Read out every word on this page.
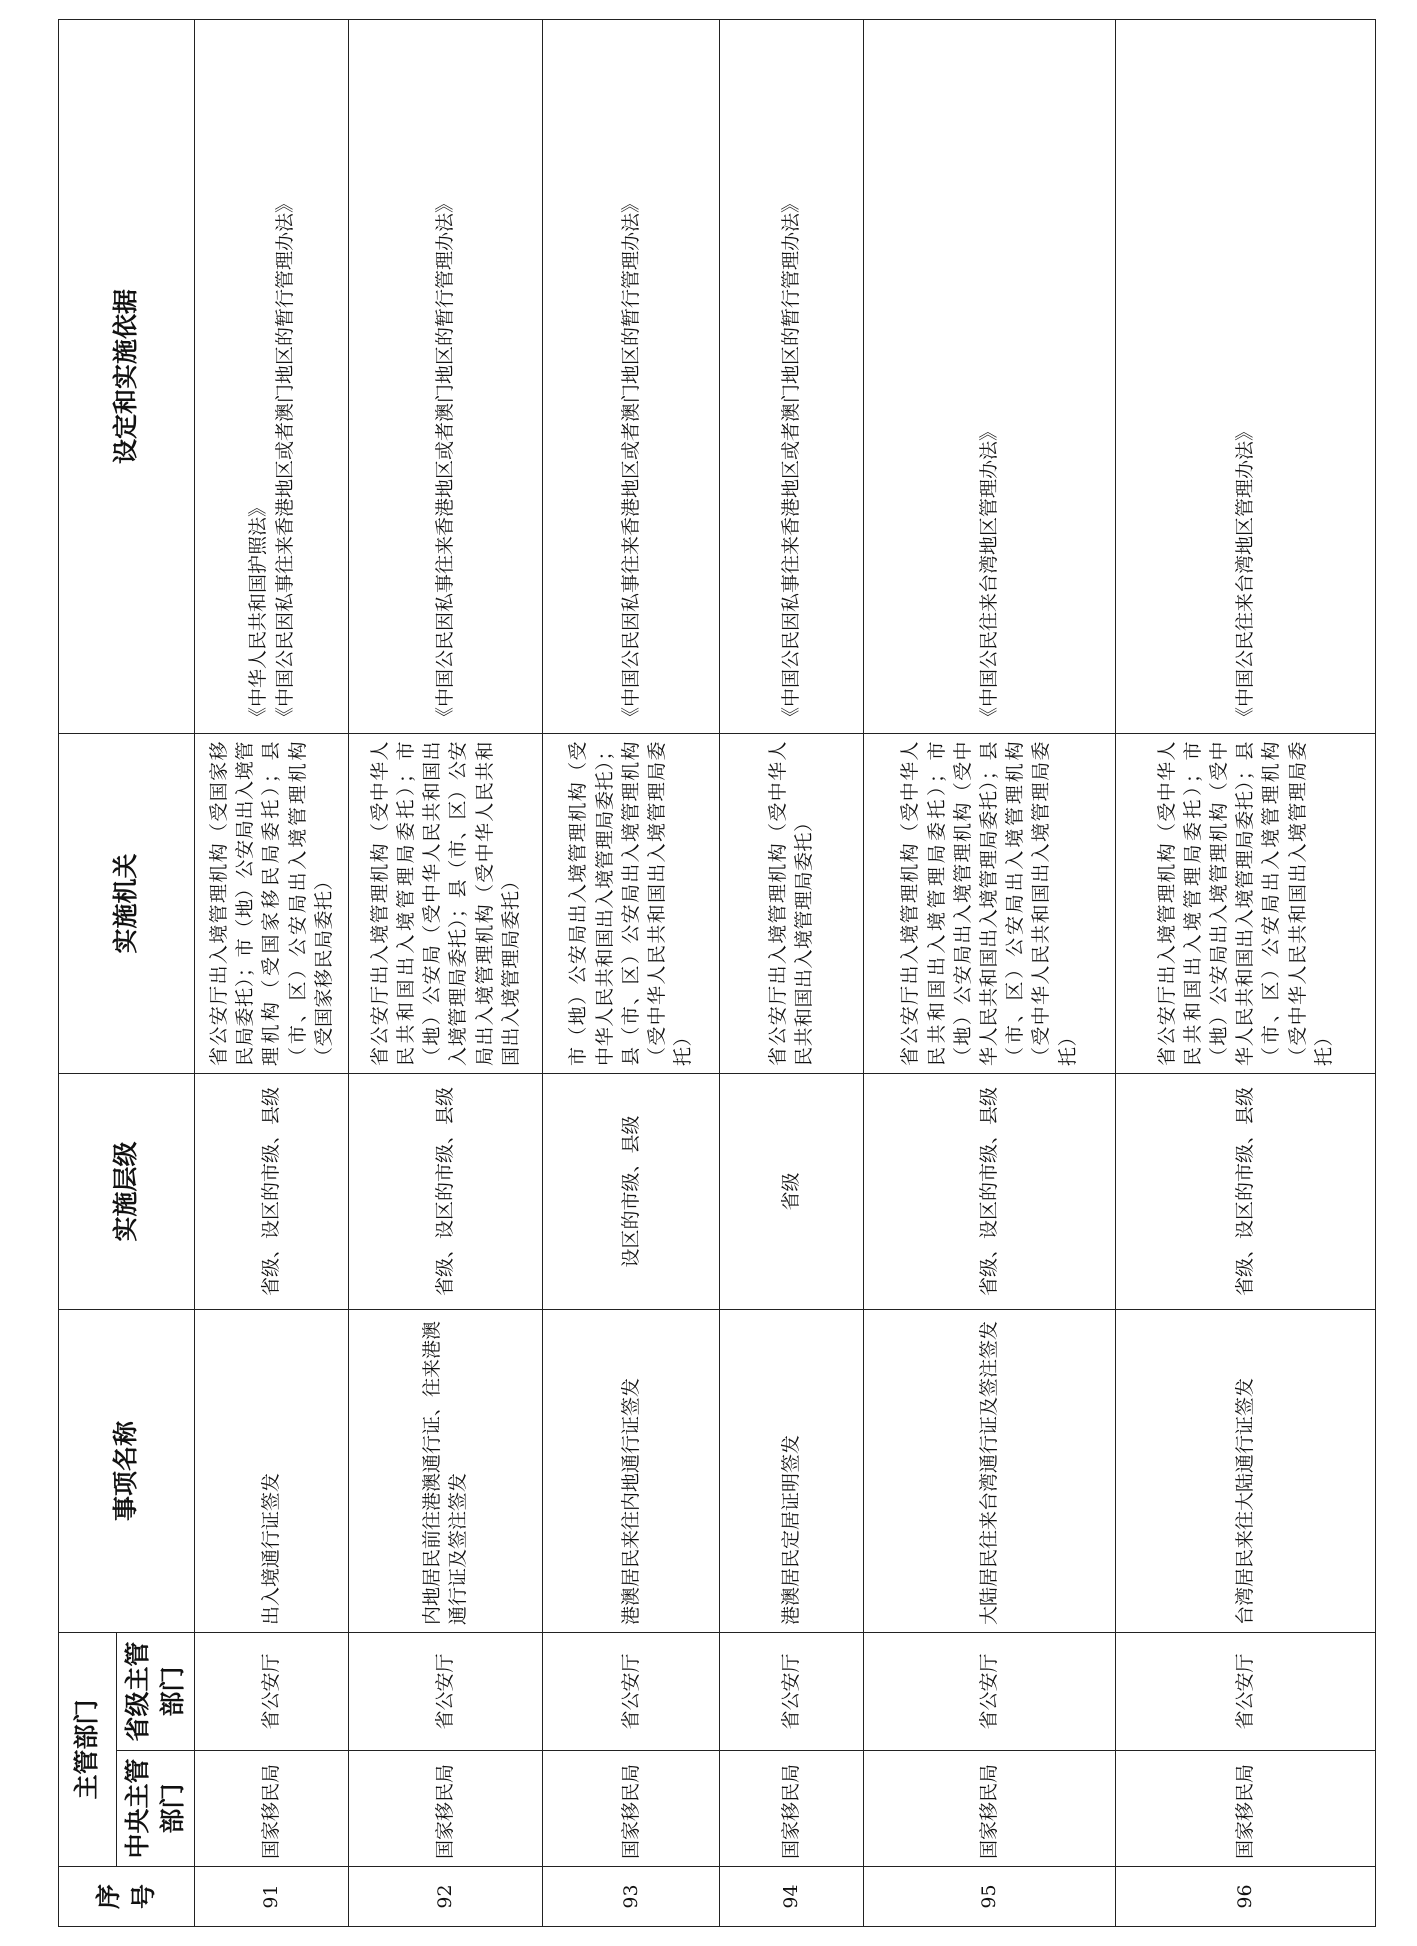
序号	主管部门		事项名称	实施层级	实施机关	设定和实施依据
	中央主管部门	省级主管部门				
91	国家移民局	省公安厅	出入境通行证签发	省级、设区的市级、县级	省公安厅出入境管理机构（受国家移民局委托）；市（地）公安局出入境管理机构（受国家移民局委托）；县（市、区）公安局出入境管理机构（受国家移民局委托）	《中华人民共和国护照法》 《中国公民因私事往来香港地区或者澳门地区的暂行管理办法》

92	国家移民局	省公安厅	内地居民前往港澳通行证、往来港澳通行证及签注签发	省级、设区的市级、县级	省公安厅出入境管理机构（受中华人民共和国出入境管理局委托）；市（地）公安局（受中华人民共和国出入境管理局委托）；县（市、区）公安局出入境管理机构（受中华人民共和国出入境管理局委托）	《中国公民因私事往来香港地区或者澳门地区的暂行管理办法》

93	国家移民局	省公安厅	港澳居民来往内地通行证签发	设区的市级、县级	市（地）公安局出入境管理机构（受中华人民共和国出入境管理局委托）；县（市、区）公安局出入境管理机构（受中华人民共和国出入境管理局委托）	《中国公民因私事往来香港地区或者澳门地区的暂行管理办法》

94	国家移民局	省公安厅	港澳居民定居证明签发	省级	省公安厅出入境管理机构（受中华人民共和国出入境管理局委托）	《中国公民因私事往来香港地区或者澳门地区的暂行管理办法》

95	国家移民局	省公安厅	大陆居民往来台湾通行证及签注签发	省级、设区的市级、县级	省公安厅出入境管理机构（受中华人民共和国出入境管理局委托）；市（地）公安局出入境管理机构（受中华人民共和国出入境管理局委托）；县（市、区）公安局出入境管理机构（受中华人民共和国出入境管理局委托）	《中国公民往来台湾地区管理办法》

96	国家移民局	省公安厅	台湾居民来往大陆通行证签发	省级、设区的市级、县级	省公安厅出入境管理机构（受中华人民共和国出入境管理局委托）；市（地）公安局出入境管理机构（受中华人民共和国出入境管理局委托）；县（市、区）公安局出入境管理机构（受中华人民共和国出入境管理局委托）	《中国公民往来台湾地区管理办法》
